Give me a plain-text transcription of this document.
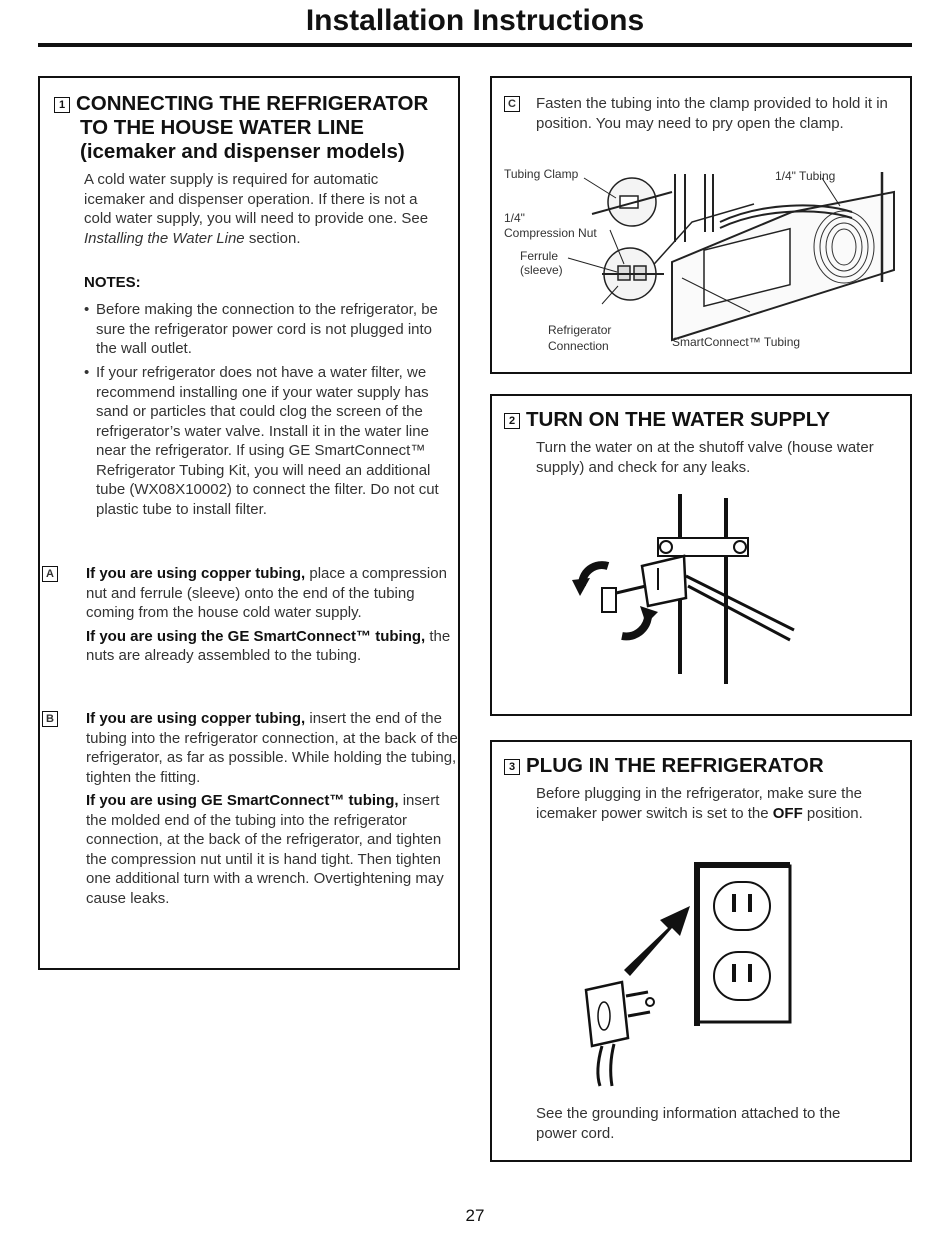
Installation Instructions
1 CONNECTING THE REFRIGERATOR
TO THE HOUSE WATER LINE
(icemaker and dispenser models)
A cold water supply is required for automatic icemaker and dispenser operation. If there is not a cold water supply, you will need to provide one. See Installing the Water Line section.
NOTES:
• Before making the connection to the refrigerator, be sure the refrigerator power cord is not plugged into the wall outlet.
• If your refrigerator does not have a water filter, we recommend installing one if your water supply has sand or particles that could clog the screen of the refrigerator’s water valve. Install it in the water line near the refrigerator. If using GE SmartConnect™ Refrigerator Tubing Kit, you will need an additional tube (WX08X10002) to connect the filter. Do not cut plastic tube to install filter.
A If you are using copper tubing, place a compression nut and ferrule (sleeve) onto the end of the tubing coming from the house cold water supply.
If you are using the GE SmartConnect™ tubing, the nuts are already assembled to the tubing.
B If you are using copper tubing, insert the end of the tubing into the refrigerator connection, at the back of the refrigerator, as far as possible. While holding the tubing, tighten the fitting.
If you are using GE SmartConnect™ tubing, insert the molded end of the tubing into the refrigerator connection, at the back of the refrigerator, and tighten the compression nut until it is hand tight. Then tighten one additional turn with a wrench. Overtightening may cause leaks.
C Fasten the tubing into the clamp provided to hold it in position. You may need to pry open the clamp.
Tubing Clamp
1/4"
Compression Nut
Ferrule
(sleeve)
Refrigerator
Connection
1/4" Tubing
SmartConnect™ Tubing
2 TURN ON THE WATER SUPPLY
Turn the water on at the shutoff valve (house water supply) and check for any leaks.
3 PLUG IN THE REFRIGERATOR
Before plugging in the refrigerator, make sure the icemaker power switch is set to the OFF position.
See the grounding information attached to the power cord.
27
